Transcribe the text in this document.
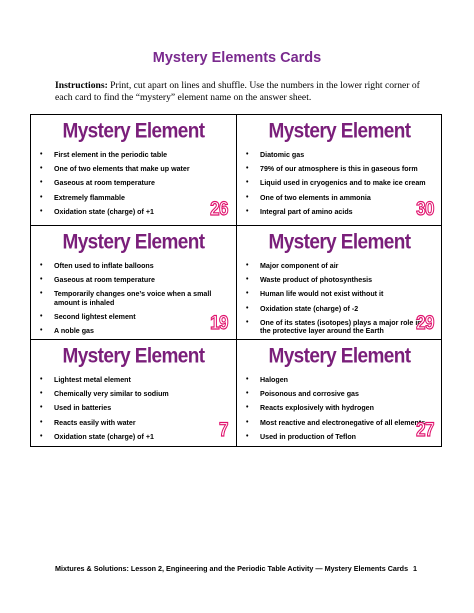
Mystery Elements Cards
Instructions: Print, cut apart on lines and shuffle. Use the numbers in the lower right corner of each card to find the “mystery” element name on the answer sheet.
Mystery Element
• First element in the periodic table
• One of two elements that make up water
• Gaseous at room temperature
• Extremely flammable
• Oxidation state (charge) of +1	26
Mystery Element
• Diatomic gas
• 79% of our atmosphere is this in gaseous form
• Liquid used in cryogenics and to make ice cream
• One of two elements in ammonia
• Integral part of amino acids	30
Mystery Element
• Often used to inflate balloons
• Gaseous at room temperature
• Temporarily changes one’s voice when a small amount is inhaled
• Second lightest element
• A noble gas	19
Mystery Element
• Major component of air
• Waste product of photosynthesis
• Human life would not exist without it
• Oxidation state (charge) of -2
• One of its states (isotopes) plays a major role in the protective layer around the Earth	29
Mystery Element
• Lightest metal element
• Chemically very similar to sodium
• Used in batteries
• Reacts easily with water
• Oxidation state (charge) of +1	7
Mystery Element
• Halogen
• Poisonous and corrosive gas
• Reacts explosively with hydrogen
• Most reactive and electronegative of all elements
• Used in production of Teflon	27
Mixtures & Solutions: Lesson 2, Engineering and the Periodic Table Activity — Mystery Elements Cards 1
